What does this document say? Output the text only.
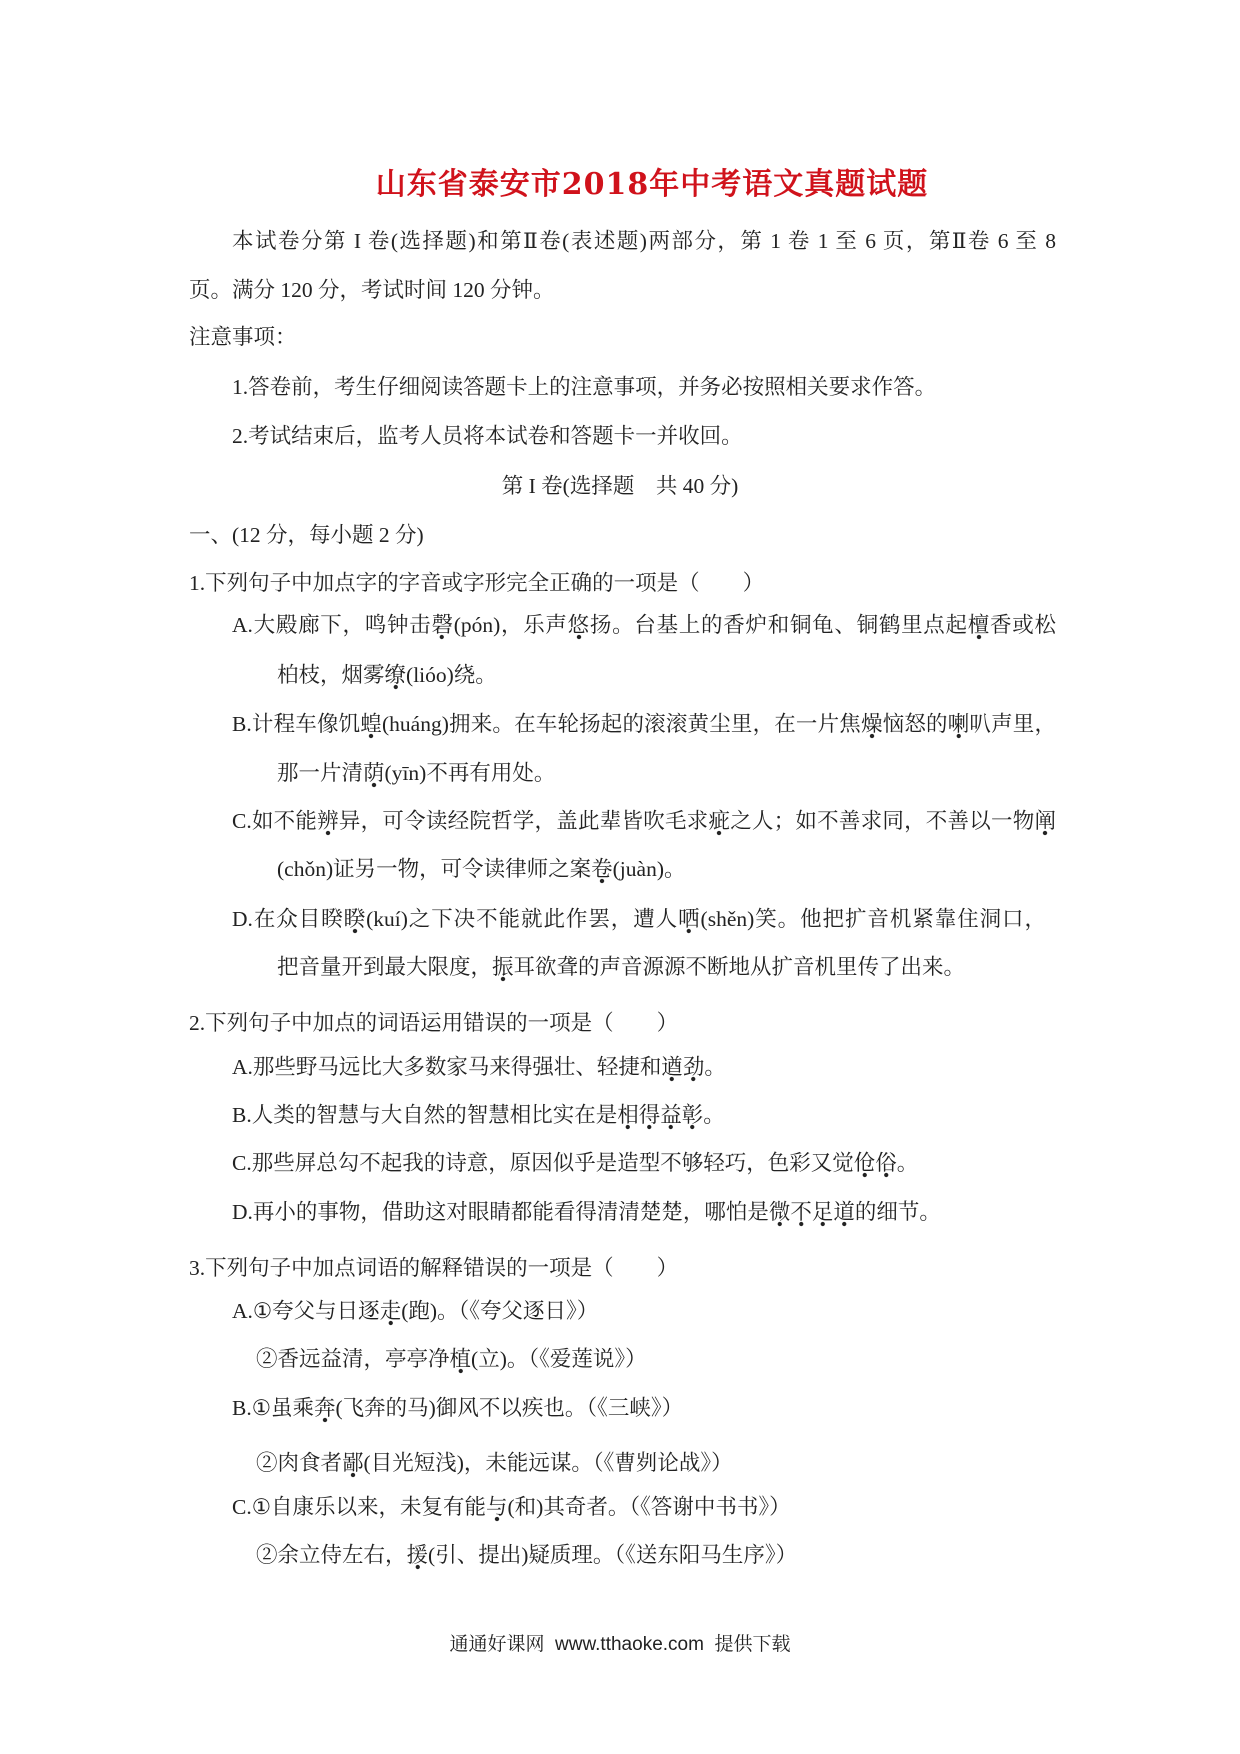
山东省泰安市2018年中考语文真题试题
本试卷分第 I 卷(选择题)和第Ⅱ卷(表述题)两部分，第 1 卷 1 至 6 页，第Ⅱ卷 6 至 8
页。满分 120 分，考试时间 120 分钟。
注意事项：
1.答卷前，考生仔细阅读答题卡上的注意事项，并务必按照相关要求作答。
2.考试结束后，监考人员将本试卷和答题卡一并收回。
第 I 卷(选择题　共 40 分)
一、(12 分，每小题 2 分)
1.下列句子中加点字的字音或字形完全正确的一项是（　　）
A.大殿廊下，鸣钟击磬(pón)，乐声悠扬。台基上的香炉和铜龟、铜鹤里点起檀香或松
柏枝，烟雾缭(lióo)绕。
B.计程车像饥蝗(huáng)拥来。在车轮扬起的滚滚黄尘里，在一片焦燥恼怒的喇叭声里，
那一片清荫(yīn)不再有用处。
C.如不能辨异，可令读经院哲学，盖此辈皆吹毛求疵之人；如不善求同，不善以一物阐
(chǒn)证另一物，可令读律师之案卷(juàn)。
D.在众目睽睽(kuí)之下决不能就此作罢，遭人哂(shěn)笑。他把扩音机紧靠住洞口，
把音量开到最大限度，振耳欲聋的声音源源不断地从扩音机里传了出来。
2.下列句子中加点的词语运用错误的一项是（　　）
A.那些野马远比大多数家马来得强壮、轻捷和遒劲。
B.人类的智慧与大自然的智慧相比实在是相得益彰。
C.那些屏总勾不起我的诗意，原因似乎是造型不够轻巧，色彩又觉伧俗。
D.再小的事物，借助这对眼睛都能看得清清楚楚，哪怕是微不足道的细节。
3.下列句子中加点词语的解释错误的一项是（　　）
A.①夸父与日逐走(跑)。（《夸父逐日》）
②香远益清，亭亭净植(立)。（《爱莲说》）
B.①虽乘奔(飞奔的马)御风不以疾也。（《三峡》）
②肉食者鄙(目光短浅)，未能远谋。（《曹刿论战》）
C.①自康乐以来，未复有能与(和)其奇者。（《答谢中书书》）
②余立侍左右，援(引、提出)疑质理。（《送东阳马生序》）
通通好课网  www.tthaoke.com  提供下载
